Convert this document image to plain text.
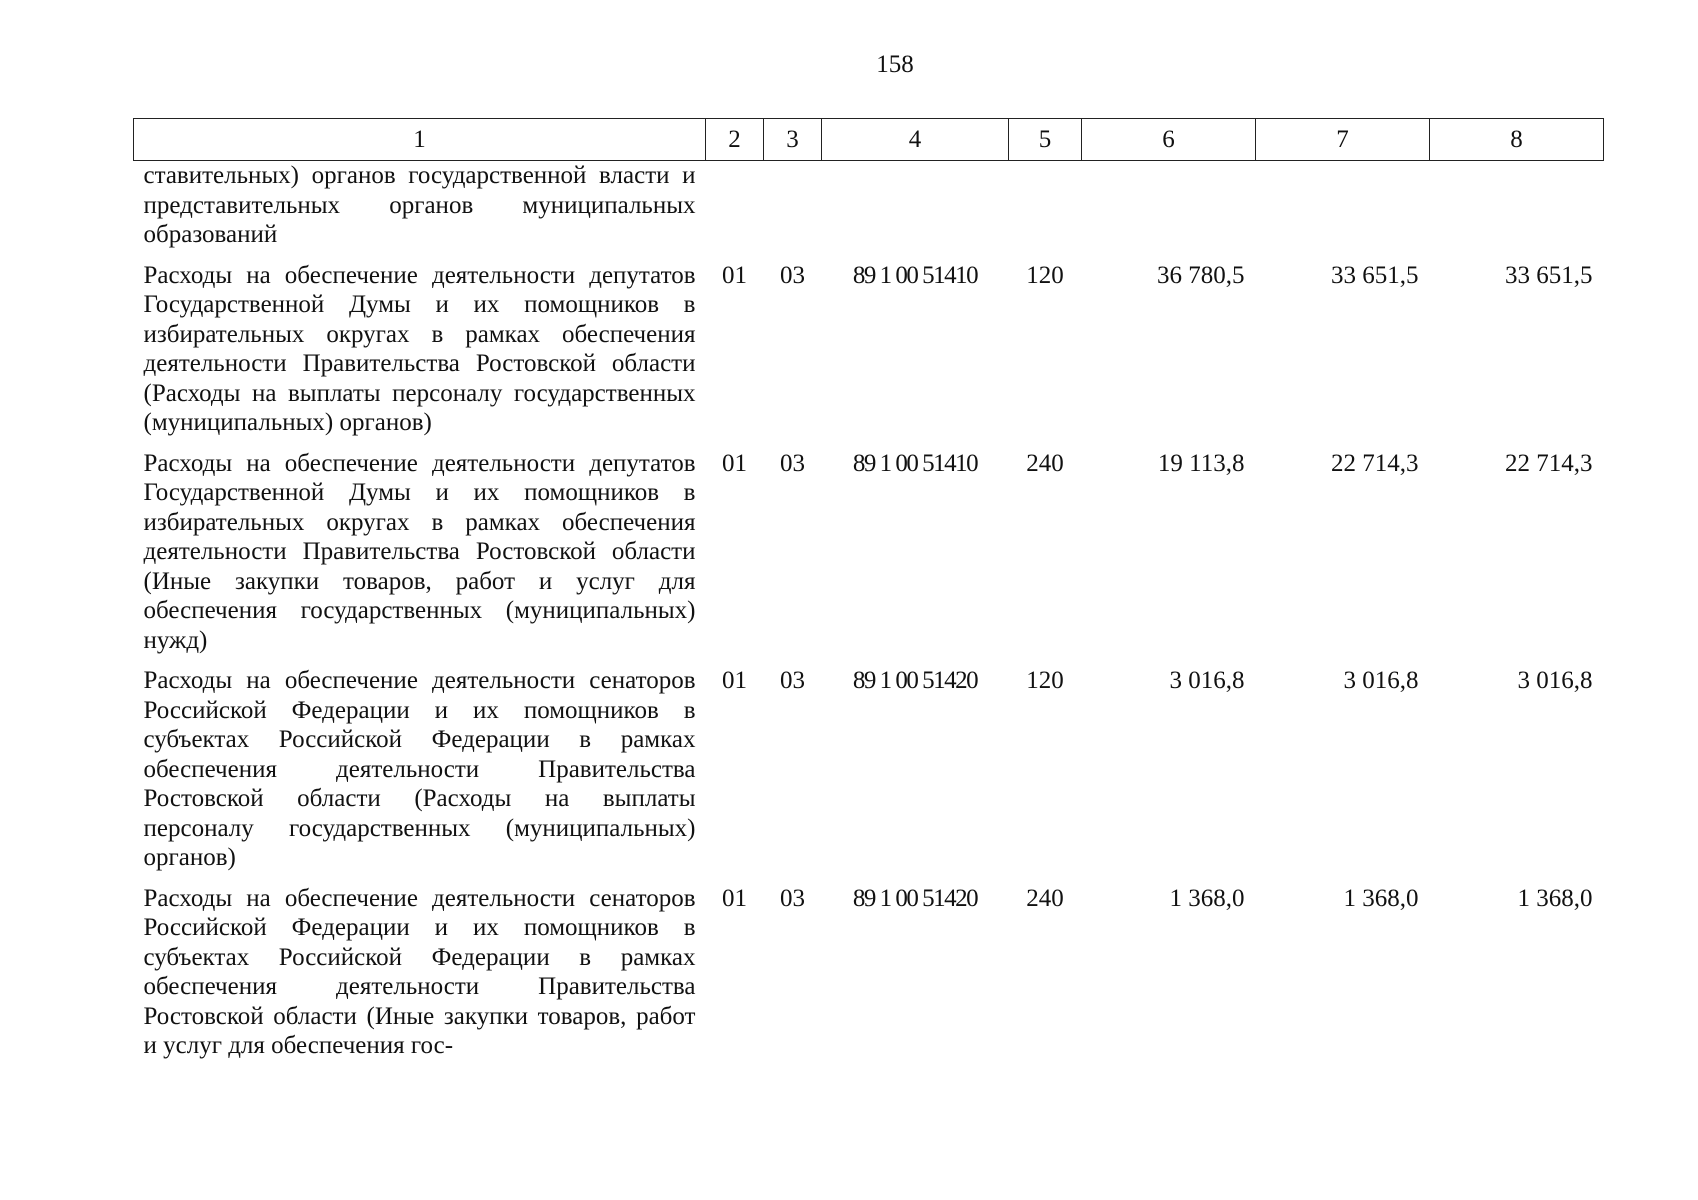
158
1	2	3	4	5	6	7	8
ставительных) органов государственной власти и представительных органов муниципальных образований							
Расходы на обеспечение деятельности депутатов Государственной Думы и их помощников в избирательных округах в рамках обеспечения деятельности Правительства Ростовской области (Расходы на выплаты персоналу государственных (муниципальных) органов)	01	03	89 1 00 51410	120	36 780,5	33 651,5	33 651,5
Расходы на обеспечение деятельности депутатов Государственной Думы и их помощников в избирательных округах в рамках обеспечения деятельности Правительства Ростовской области (Иные закупки товаров, работ и услуг для обеспечения государственных (муниципальных) нужд)	01	03	89 1 00 51410	240	19 113,8	22 714,3	22 714,3
Расходы на обеспечение деятельности сенаторов Российской Федерации и их помощников в субъектах Российской Федерации в рамках обеспечения деятельности Правительства Ростовской области (Расходы на выплаты персоналу государственных (муниципальных) органов)	01	03	89 1 00 51420	120	3 016,8	3 016,8	3 016,8
Расходы на обеспечение деятельности сенаторов Российской Федерации и их помощников в субъектах Российской Федерации в рамках обеспечения деятельности Правительства Ростовской области (Иные закупки товаров, работ и услуг для обеспечения гос-	01	03	89 1 00 51420	240	1 368,0	1 368,0	1 368,0
